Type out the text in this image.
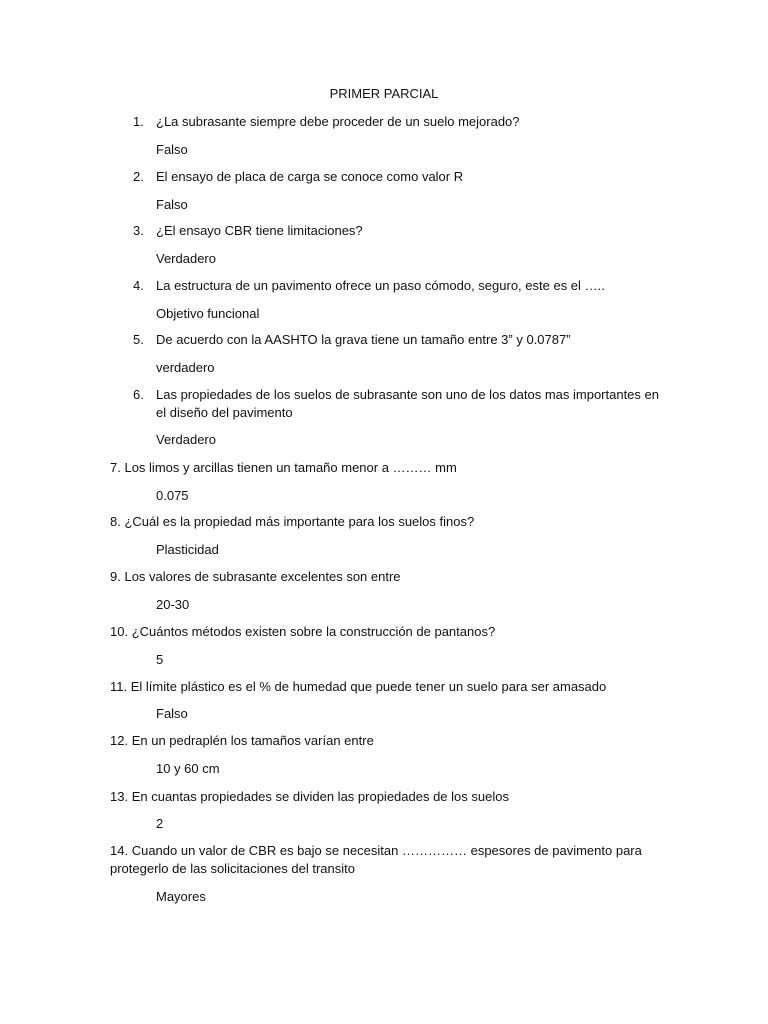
PRIMER PARCIAL
1. ¿La subrasante siempre debe proceder de un suelo mejorado?
Falso
2. El ensayo de placa de carga se conoce como valor R
Falso
3. ¿El ensayo CBR tiene limitaciones?
Verdadero
4. La estructura de un pavimento ofrece un paso cómodo, seguro, este es el …..
Objetivo funcional
5. De acuerdo con la AASHTO la grava tiene un tamaño entre 3” y 0.0787”
verdadero
6. Las propiedades de los suelos de subrasante son uno de los datos mas importantes en
el diseño del pavimento
Verdadero
7. Los limos y arcillas tienen un tamaño menor a ……… mm
0.075
8. ¿Cuál es la propiedad más importante para los suelos finos?
Plasticidad
9. Los valores de subrasante excelentes son entre
20-30
10. ¿Cuántos métodos existen sobre la construcción de pantanos?
5
11. El límite plástico es el % de humedad que puede tener un suelo para ser amasado
Falso
12. En un pedraplén los tamaños varían entre
10 y 60 cm
13. En cuantas propiedades se dividen las propiedades de los suelos
2
14. Cuando un valor de CBR es bajo se necesitan …………… espesores de pavimento para
protegerlo de las solicitaciones del transito
Mayores
